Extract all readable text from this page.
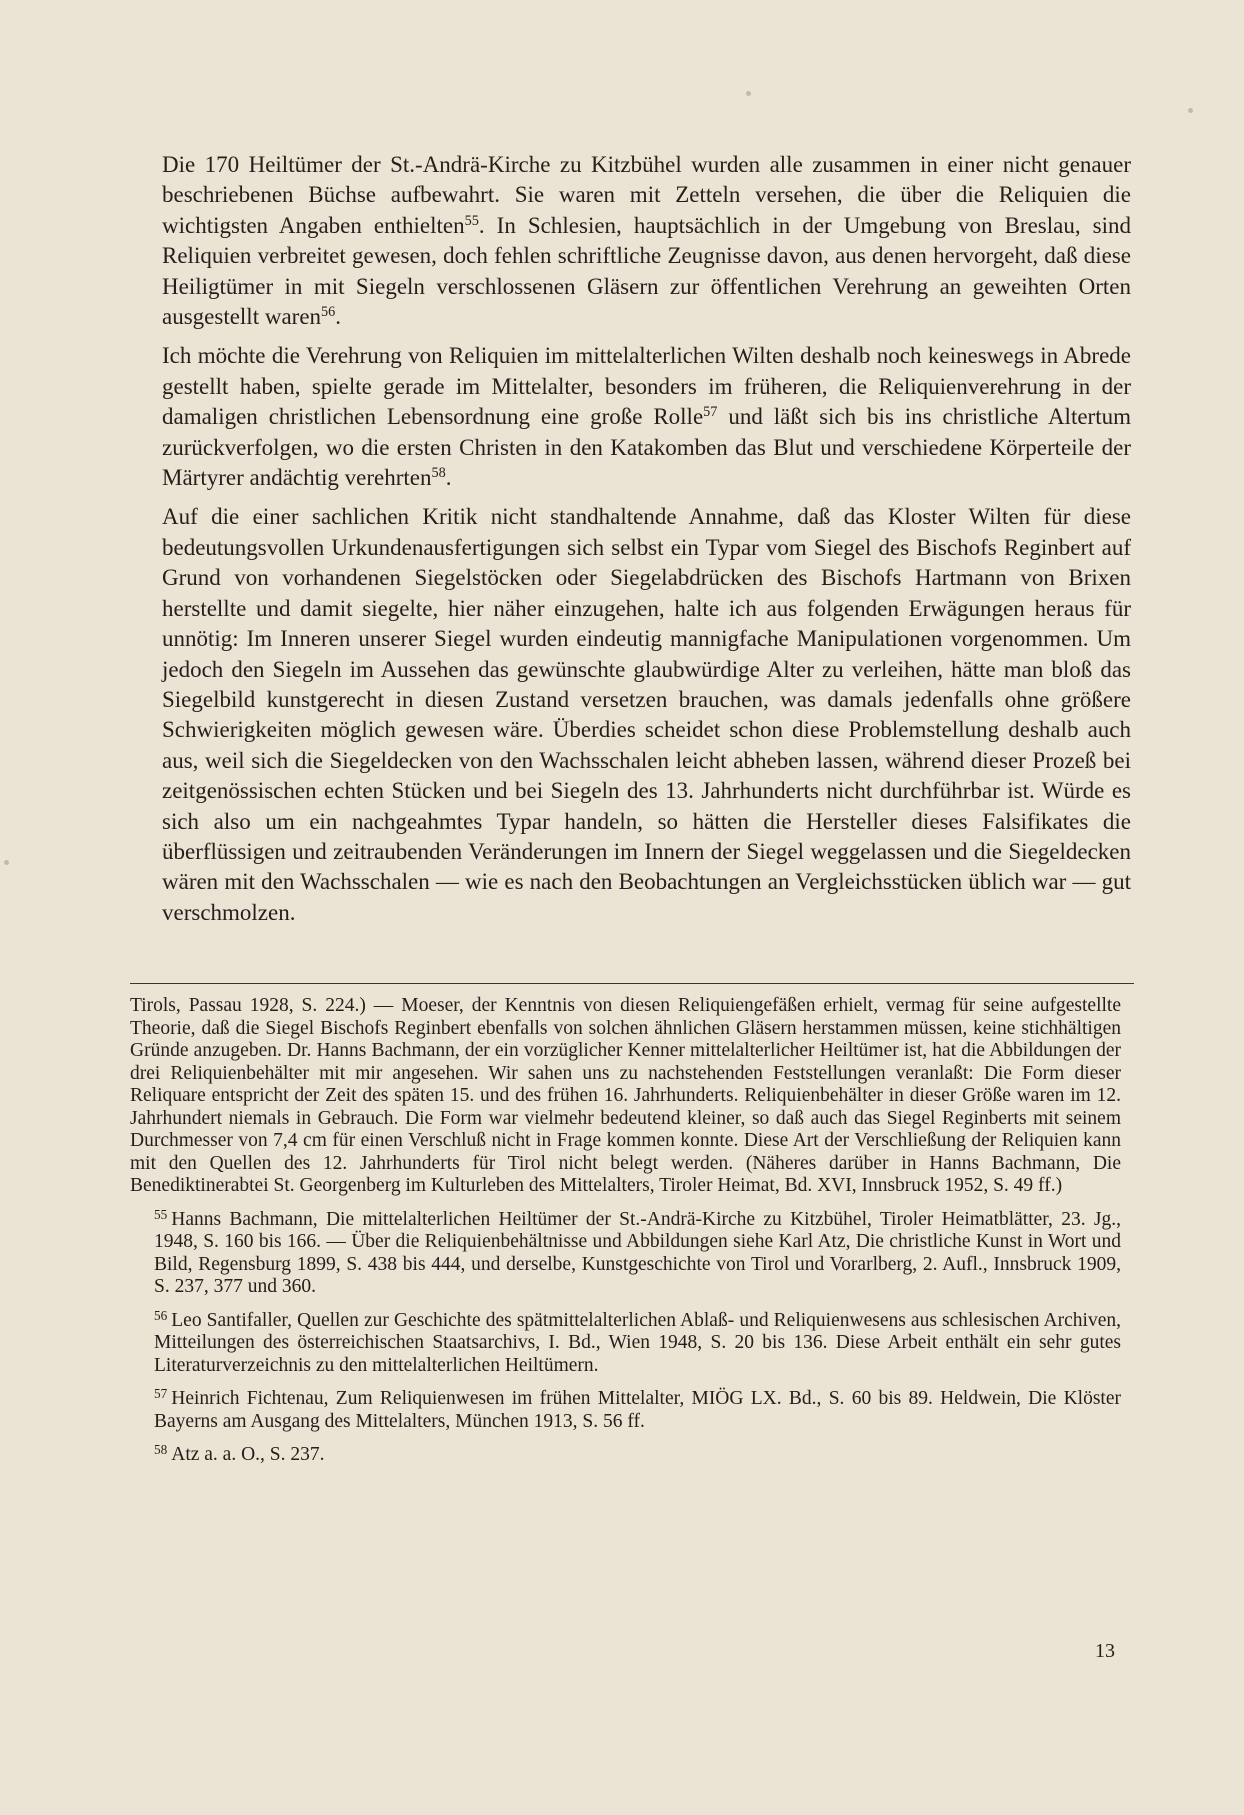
Die 170 Heiltümer der St.-Andrä-Kirche zu Kitzbühel wurden alle zusammen in einer nicht genauer beschriebenen Büchse aufbewahrt. Sie waren mit Zetteln versehen, die über die Reliquien die wichtigsten Angaben enthielten$^{55}$. In Schlesien, hauptsächlich in der Umgebung von Breslau, sind Reliquien verbreitet gewesen, doch fehlen schriftliche Zeugnisse davon, aus denen hervorgeht, daß diese Heiligtümer in mit Siegeln verschlossenen Gläsern zur öffentlichen Verehrung an geweihten Orten ausgestellt waren$^{56}$.

Ich möchte die Verehrung von Reliquien im mittelalterlichen Wilten deshalb noch keineswegs in Abrede gestellt haben, spielte gerade im Mittelalter, besonders im früheren, die Reliquienverehrung in der damaligen christlichen Lebensordnung eine große Rolle$^{57}$ und läßt sich bis ins christliche Altertum zurückverfolgen, wo die ersten Christen in den Katakomben das Blut und verschiedene Körperteile der Märtyrer andächtig verehrten$^{58}$.

Auf die einer sachlichen Kritik nicht standhaltende Annahme, daß das Kloster Wilten für diese bedeutungsvollen Urkundenausfertigungen sich selbst ein Typar vom Siegel des Bischofs Reginbert auf Grund von vorhandenen Siegelstöcken oder Siegelabdrücken des Bischofs Hartmann von Brixen herstellte und damit siegelte, hier näher einzugehen, halte ich aus folgenden Erwägungen heraus für unnötig: Im Inneren unserer Siegel wurden eindeutig mannigfache Manipulationen vorgenommen. Um jedoch den Siegeln im Aussehen das gewünschte glaubwürdige Alter zu verleihen, hätte man bloß das Siegelbild kunstgerecht in diesen Zustand versetzen brauchen, was damals jedenfalls ohne größere Schwierigkeiten möglich gewesen wäre. Überdies scheidet schon diese Problemstellung deshalb auch aus, weil sich die Siegeldecken von den Wachsschalen leicht abheben lassen, während dieser Prozeß bei zeitgenössischen echten Stücken und bei Siegeln des 13. Jahrhunderts nicht durchführbar ist. Würde es sich also um ein nachgeahmtes Typar handeln, so hätten die Hersteller dieses Falsifikates die überflüssigen und zeitraubenden Veränderungen im Innern der Siegel weggelassen und die Siegeldecken wären mit den Wachsschalen — wie es nach den Beobachtungen an Vergleichsstücken üblich war — gut verschmolzen.

Tirols, Passau 1928, S. 224.) — Moeser, der Kenntnis von diesen Reliquiengefäßen erhielt, vermag für seine aufgestellte Theorie, daß die Siegel Bischofs Reginbert ebenfalls von solchen ähnlichen Gläsern herstammen müssen, keine stichhältigen Gründe anzugeben. Dr. Hanns Bachmann, der ein vorzüglicher Kenner mittelalterlicher Heiltümer ist, hat die Abbildungen der drei Reliquienbehälter mit mir angesehen. Wir sahen uns zu nachstehenden Feststellungen veranlaßt: Die Form dieser Reliquare entspricht der Zeit des späten 15. und des frühen 16. Jahrhunderts. Reliquienbehälter in dieser Größe waren im 12. Jahrhundert niemals in Gebrauch. Die Form war vielmehr bedeutend kleiner, so daß auch das Siegel Reginberts mit seinem Durchmesser von 7,4 cm für einen Verschluß nicht in Frage kommen konnte. Diese Art der Verschließung der Reliquien kann mit den Quellen des 12. Jahrhunderts für Tirol nicht belegt werden. (Näheres darüber in Hanns Bachmann, Die Benediktinerabtei St. Georgenberg im Kulturleben des Mittelalters, Tiroler Heimat, Bd. XVI, Innsbruck 1952, S. 49 ff.)

$^{55}$ Hanns Bachmann, Die mittelalterlichen Heiltümer der St.-Andrä-Kirche zu Kitzbühel, Tiroler Heimatblätter, 23. Jg., 1948, S. 160 bis 166. — Über die Reliquienbehältnisse und Abbildungen siehe Karl Atz, Die christliche Kunst in Wort und Bild, Regensburg 1899, S. 438 bis 444, und derselbe, Kunstgeschichte von Tirol und Vorarlberg, 2. Aufl., Innsbruck 1909, S. 237, 377 und 360.

$^{56}$ Leo Santifaller, Quellen zur Geschichte des spätmittelalterlichen Ablaß- und Reliquienwesens aus schlesischen Archiven, Mitteilungen des österreichischen Staatsarchivs, I. Bd., Wien 1948, S. 20 bis 136. Diese Arbeit enthält ein sehr gutes Literaturverzeichnis zu den mittelalterlichen Heiltümern.

$^{57}$ Heinrich Fichtenau, Zum Reliquienwesen im frühen Mittelalter, MIÖG LX. Bd., S. 60 bis 89. Heldwein, Die Klöster Bayerns am Ausgang des Mittelalters, München 1913, S. 56 ff.

$^{58}$ Atz a. a. O., S. 237.

13
